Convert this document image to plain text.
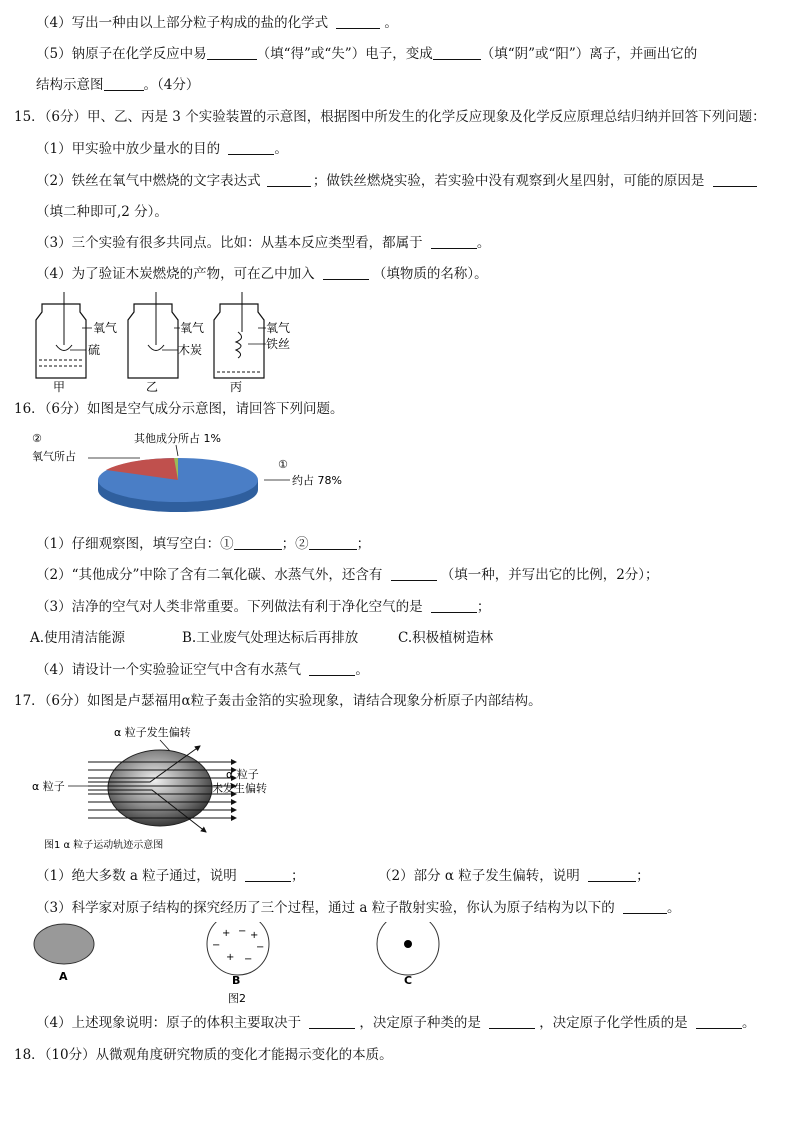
（4）写出一种由以上部分粒子构成的盐的化学式	。
（5）钠原子在化学反应中易	（填“得”或“失”）电子，变成	（填“阴”或“阳”）离子，并画出它的
结构示意图	。（4分）
15．（6分）甲、乙、丙是 3 个实验装置的示意图，根据图中所发生的化学反应现象及化学反应原理总结归纳并回答下列问题：
（1）甲实验中放少量水的目的	。
（2）铁丝在氧气中燃烧的文字表达式	；做铁丝燃烧实验，若实验中没有观察到火星四射，可能的原因是
（填二种即可,2 分）。
（3）三个实验有很多共同点。比如：从基本反应类型看，都属于	。
（4）为了验证木炭燃烧的产物，可在乙中加入	（填物质的名称）。
氧气
硫
甲
氧气
木炭
乙
氧气
铁丝
丙
16．（6分）如图是空气成分示意图，请回答下列问题。
②	其他成分所占 1%
氧气所占
①
约占 78%
（1）仔细观察图，填写空白：①	；②	；
（2）“其他成分”中除了含有二氧化碳、水蒸气外，还含有	（填一种，并写出它的比例，2分）；
（3）洁净的空气对人类非常重要。下列做法有利于净化空气的是	；
A.使用清洁能源	B.工业废气处理达标后再排放	C.积极植树造林
（4）请设计一个实验验证空气中含有水蒸气	。
17．（6分）如图是卢瑟福用α粒子轰击金箔的实验现象，请结合现象分析原子内部结构。
α 粒子发生偏转
α 粒子
α 粒子
未发生偏转
图1 α 粒子运动轨迹示意图
（1）绝大多数 a 粒子通过，说明	；	（2）部分 α 粒子发生偏转，说明	；
（3）科学家对原子结构的探究经历了三个过程，通过 a 粒子散射实验，你认为原子结构为以下的	。
A
+ − +
−	−
+ −
B	C
图2
（4）上述现象说明：原子的体积主要取决于	，决定原子种类的是	，决定原子化学性质的是	。
18．（10分）从微观角度研究物质的变化才能揭示变化的本质。
